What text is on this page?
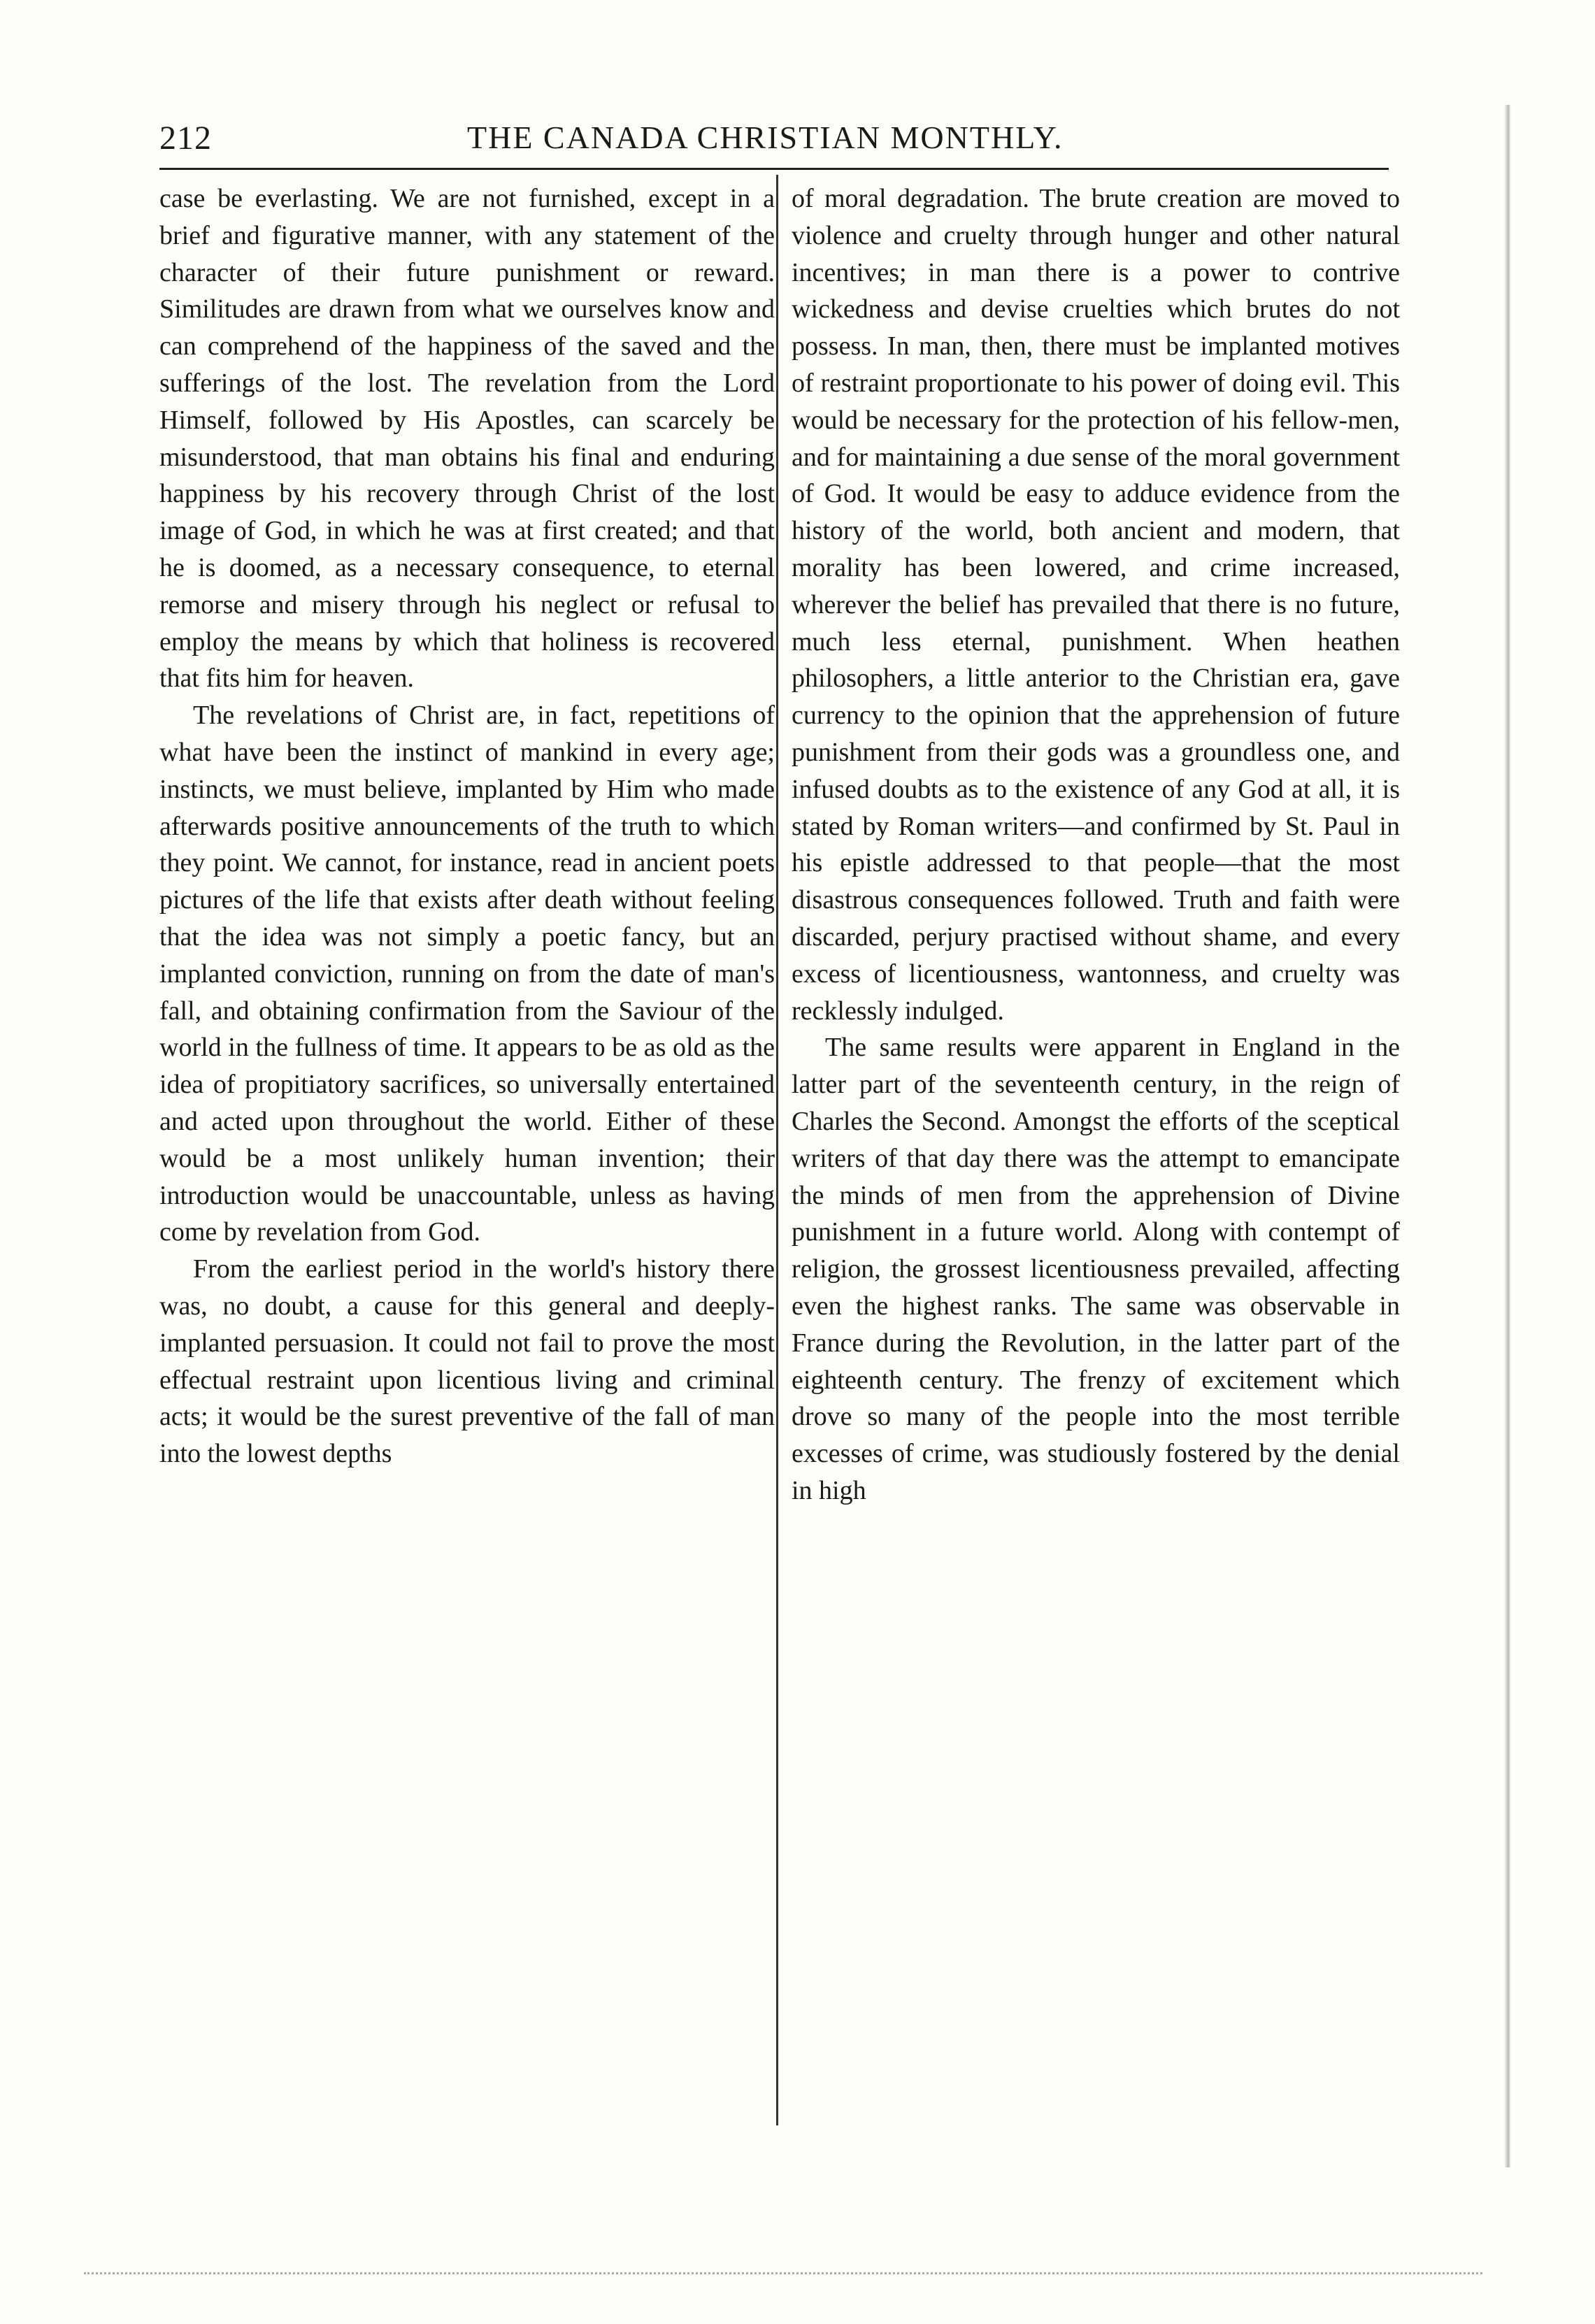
212	THE CANADA CHRISTIAN MONTHLY.

case be everlasting. We are not furnished, except in a brief and figurative manner, with any statement of the character of their future punishment or reward. Similitudes are drawn from what we ourselves know and can comprehend of the happiness of the saved and the sufferings of the lost. The revelation from the Lord Himself, followed by His Apostles, can scarcely be misunderstood, that man obtains his final and enduring happiness by his recovery through Christ of the lost image of God, in which he was at first created; and that he is doomed, as a necessary consequence, to eternal remorse and misery through his neglect or refusal to employ the means by which that holiness is recovered that fits him for heaven.

The revelations of Christ are, in fact, repetitions of what have been the instinct of mankind in every age; instincts, we must believe, implanted by Him who made afterwards positive announcements of the truth to which they point. We cannot, for instance, read in ancient poets pictures of the life that exists after death without feeling that the idea was not simply a poetic fancy, but an implanted conviction, running on from the date of man's fall, and obtaining confirmation from the Saviour of the world in the fullness of time. It appears to be as old as the idea of propitiatory sacrifices, so universally entertained and acted upon throughout the world. Either of these would be a most unlikely human invention; their introduction would be unaccountable, unless as having come by revelation from God.

From the earliest period in the world's history there was, no doubt, a cause for this general and deeply-implanted persuasion. It could not fail to prove the most effectual restraint upon licentious living and criminal acts; it would be the surest preventive of the fall of man into the lowest depths

of moral degradation. The brute creation are moved to violence and cruelty through hunger and other natural incentives; in man there is a power to contrive wickedness and devise cruelties which brutes do not possess. In man, then, there must be implanted motives of restraint proportionate to his power of doing evil. This would be necessary for the protection of his fellow-men, and for maintaining a due sense of the moral government of God. It would be easy to adduce evidence from the history of the world, both ancient and modern, that morality has been lowered, and crime increased, wherever the belief has prevailed that there is no future, much less eternal, punishment. When heathen philosophers, a little anterior to the Christian era, gave currency to the opinion that the apprehension of future punishment from their gods was a groundless one, and infused doubts as to the existence of any God at all, it is stated by Roman writers—and confirmed by St. Paul in his epistle addressed to that people—that the most disastrous consequences followed. Truth and faith were discarded, perjury practised without shame, and every excess of licentiousness, wantonness, and cruelty was recklessly indulged.

The same results were apparent in England in the latter part of the seventeenth century, in the reign of Charles the Second. Amongst the efforts of the sceptical writers of that day there was the attempt to emancipate the minds of men from the apprehension of Divine punishment in a future world. Along with contempt of religion, the grossest licentiousness prevailed, affecting even the highest ranks. The same was observable in France during the Revolution, in the latter part of the eighteenth century. The frenzy of excitement which drove so many of the people into the most terrible excesses of crime, was studiously fostered by the denial in high
